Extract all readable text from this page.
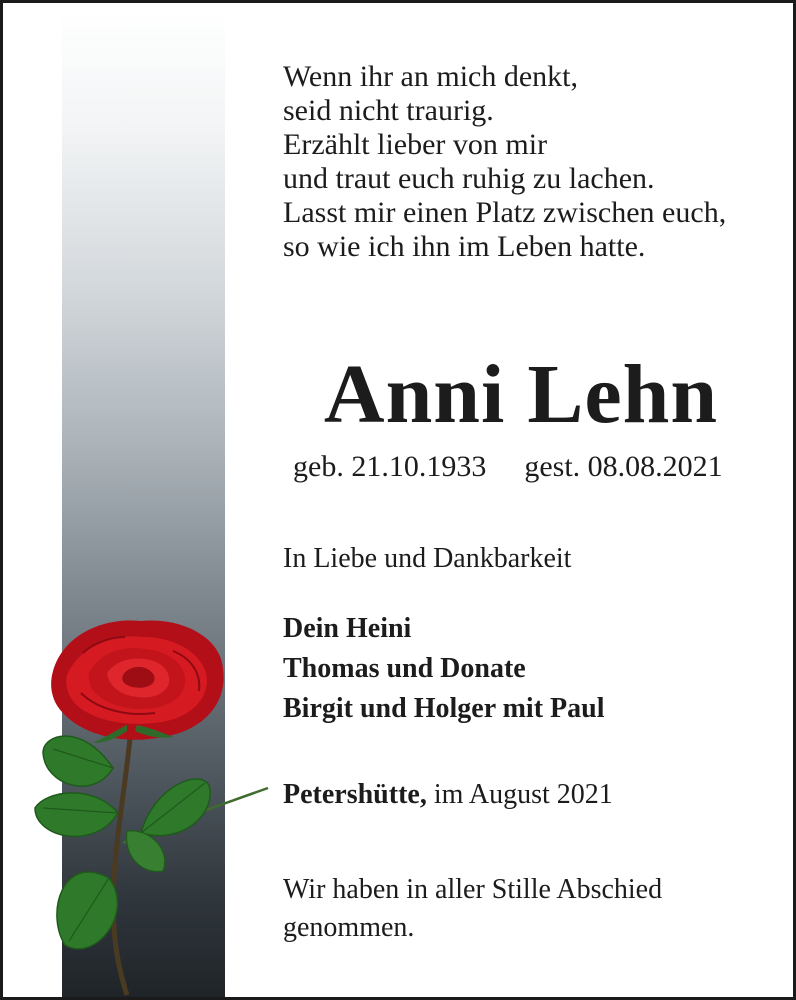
Wenn ihr an mich denkt,
seid nicht traurig.
Erzählt lieber von mir
und traut euch ruhig zu lachen.
Lasst mir einen Platz zwischen euch,
so wie ich ihn im Leben hatte.
Anni Lehn
geb. 21.10.1933 gest. 08.08.2021
In Liebe und Dankbarkeit
Dein Heini
Thomas und Donate
Birgit und Holger mit Paul
Petershütte, im August 2021
Wir haben in aller Stille Abschied
genommen.
